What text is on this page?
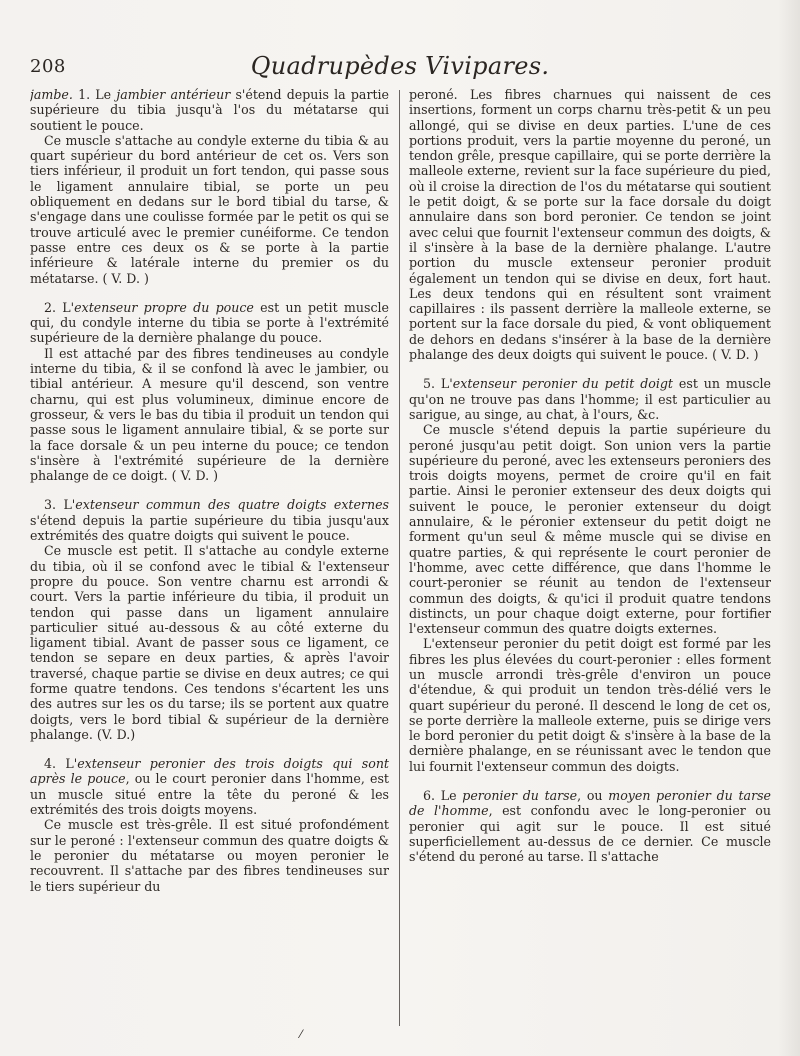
208	Quadrupèdes Vivipares.

jambe. 1. Le jambier antérieur s'étend depuis la partie supérieure du tibia jusqu'à l'os du métatarse qui soutient le pouce.

Ce muscle s'attache au condyle externe du tibia & au quart supérieur du bord antérieur de cet os. Vers son tiers inférieur, il produit un fort tendon, qui passe sous le ligament annulaire tibial, se porte un peu obliquement en dedans sur le bord tibial du tarse, & s'engage dans une coulisse formée par le petit os qui se trouve articulé avec le premier cunéiforme. Ce tendon passe entre ces deux os & se porte à la partie inférieure & latérale interne du premier os du métatarse. ( V. D. )

2. L'extenseur propre du pouce est un petit muscle qui, du condyle interne du tibia se porte à l'extrémité supérieure de la dernière phalange du pouce.

Il est attaché par des fibres tendineuses au condyle interne du tibia, & il se confond là avec le jambier, ou tibial antérieur. A mesure qu'il descend, son ventre charnu, qui est plus volumineux, diminue encore de grosseur, & vers le bas du tibia il produit un tendon qui passe sous le ligament annulaire tibial, & se porte sur la face dorsale & un peu interne du pouce; ce tendon s'insère à l'extrémité supérieure de la dernière phalange de ce doigt. ( V. D. )

3. L'extenseur commun des quatre doigts externes s'étend depuis la partie supérieure du tibia jusqu'aux extrémités des quatre doigts qui suivent le pouce.

Ce muscle est petit. Il s'attache au condyle externe du tibia, où il se confond avec le tibial & l'extenseur propre du pouce. Son ventre charnu est arrondi & court. Vers la partie inférieure du tibia, il produit un tendon qui passe dans un ligament annulaire particulier situé au-dessous & au côté externe du ligament tibial. Avant de passer sous ce ligament, ce tendon se separe en deux parties, & après l'avoir traversé, chaque partie se divise en deux autres; ce qui forme quatre tendons. Ces tendons s'écartent les uns des autres sur les os du tarse; ils se portent aux quatre doigts, vers le bord tibial & supérieur de la dernière phalange. (V. D.)

4. L'extenseur peronier des trois doigts qui sont après le pouce, ou le court peronier dans l'homme, est un muscle situé entre la tête du peroné & les extrémités des trois doigts moyens.

Ce muscle est très-grêle. Il est situé profondément sur le peroné : l'extenseur commun des quatre doigts & le peronier du métatarse ou moyen peronier le recouvrent. Il s'attache par des fibres tendineuses sur le tiers supérieur du

peroné. Les fibres charnues qui naissent de ces insertions, forment un corps charnu très-petit & un peu allongé, qui se divise en deux parties. L'une de ces portions produit, vers la partie moyenne du peroné, un tendon grêle, presque capillaire, qui se porte derrière la malleole externe, revient sur la face supérieure du pied, où il croise la direction de l'os du métatarse qui soutient le petit doigt, & se porte sur la face dorsale du doigt annulaire dans son bord peronier. Ce tendon se joint avec celui que fournit l'extenseur commun des doigts, & il s'insère à la base de la dernière phalange. L'autre portion du muscle extenseur peronier produit également un tendon qui se divise en deux, fort haut. Les deux tendons qui en résultent sont vraiment capillaires : ils passent derrière la malleole externe, se portent sur la face dorsale du pied, & vont obliquement de dehors en dedans s'insérer à la base de la dernière phalange des deux doigts qui suivent le pouce. ( V. D. )

5. L'extenseur peronier du petit doigt est un muscle qu'on ne trouve pas dans l'homme; il est particulier au sarigue, au singe, au chat, à l'ours, &c.

Ce muscle s'étend depuis la partie supérieure du peroné jusqu'au petit doigt. Son union vers la partie supérieure du peroné, avec les extenseurs peroniers des trois doigts moyens, permet de croire qu'il en fait partie. Ainsi le peronier extenseur des deux doigts qui suivent le pouce, le peronier extenseur du doigt annulaire, & le péronier extenseur du petit doigt ne forment qu'un seul & même muscle qui se divise en quatre parties, & qui représente le court peronier de l'homme, avec cette différence, que dans l'homme le court-peronier se réunit au tendon de l'extenseur commun des doigts, & qu'ici il produit quatre tendons distincts, un pour chaque doigt externe, pour fortifier l'extenseur commun des quatre doigts externes.

L'extenseur peronier du petit doigt est formé par les fibres les plus élevées du court-peronier : elles forment un muscle arrondi très-grêle d'environ un pouce d'étendue, & qui produit un tendon très-délié vers le quart supérieur du peroné. Il descend le long de cet os, se porte derrière la malleole externe, puis se dirige vers le bord peronier du petit doigt & s'insère à la base de la dernière phalange, en se réunissant avec le tendon que lui fournit l'extenseur commun des doigts.

6. Le peronier du tarse, ou moyen peronier du tarse de l'homme, est confondu avec le long-peronier ou peronier qui agit sur le pouce. Il est situé superficiellement au-dessus de ce dernier. Ce muscle s'étend du peroné au tarse. Il s'attache

⁄
